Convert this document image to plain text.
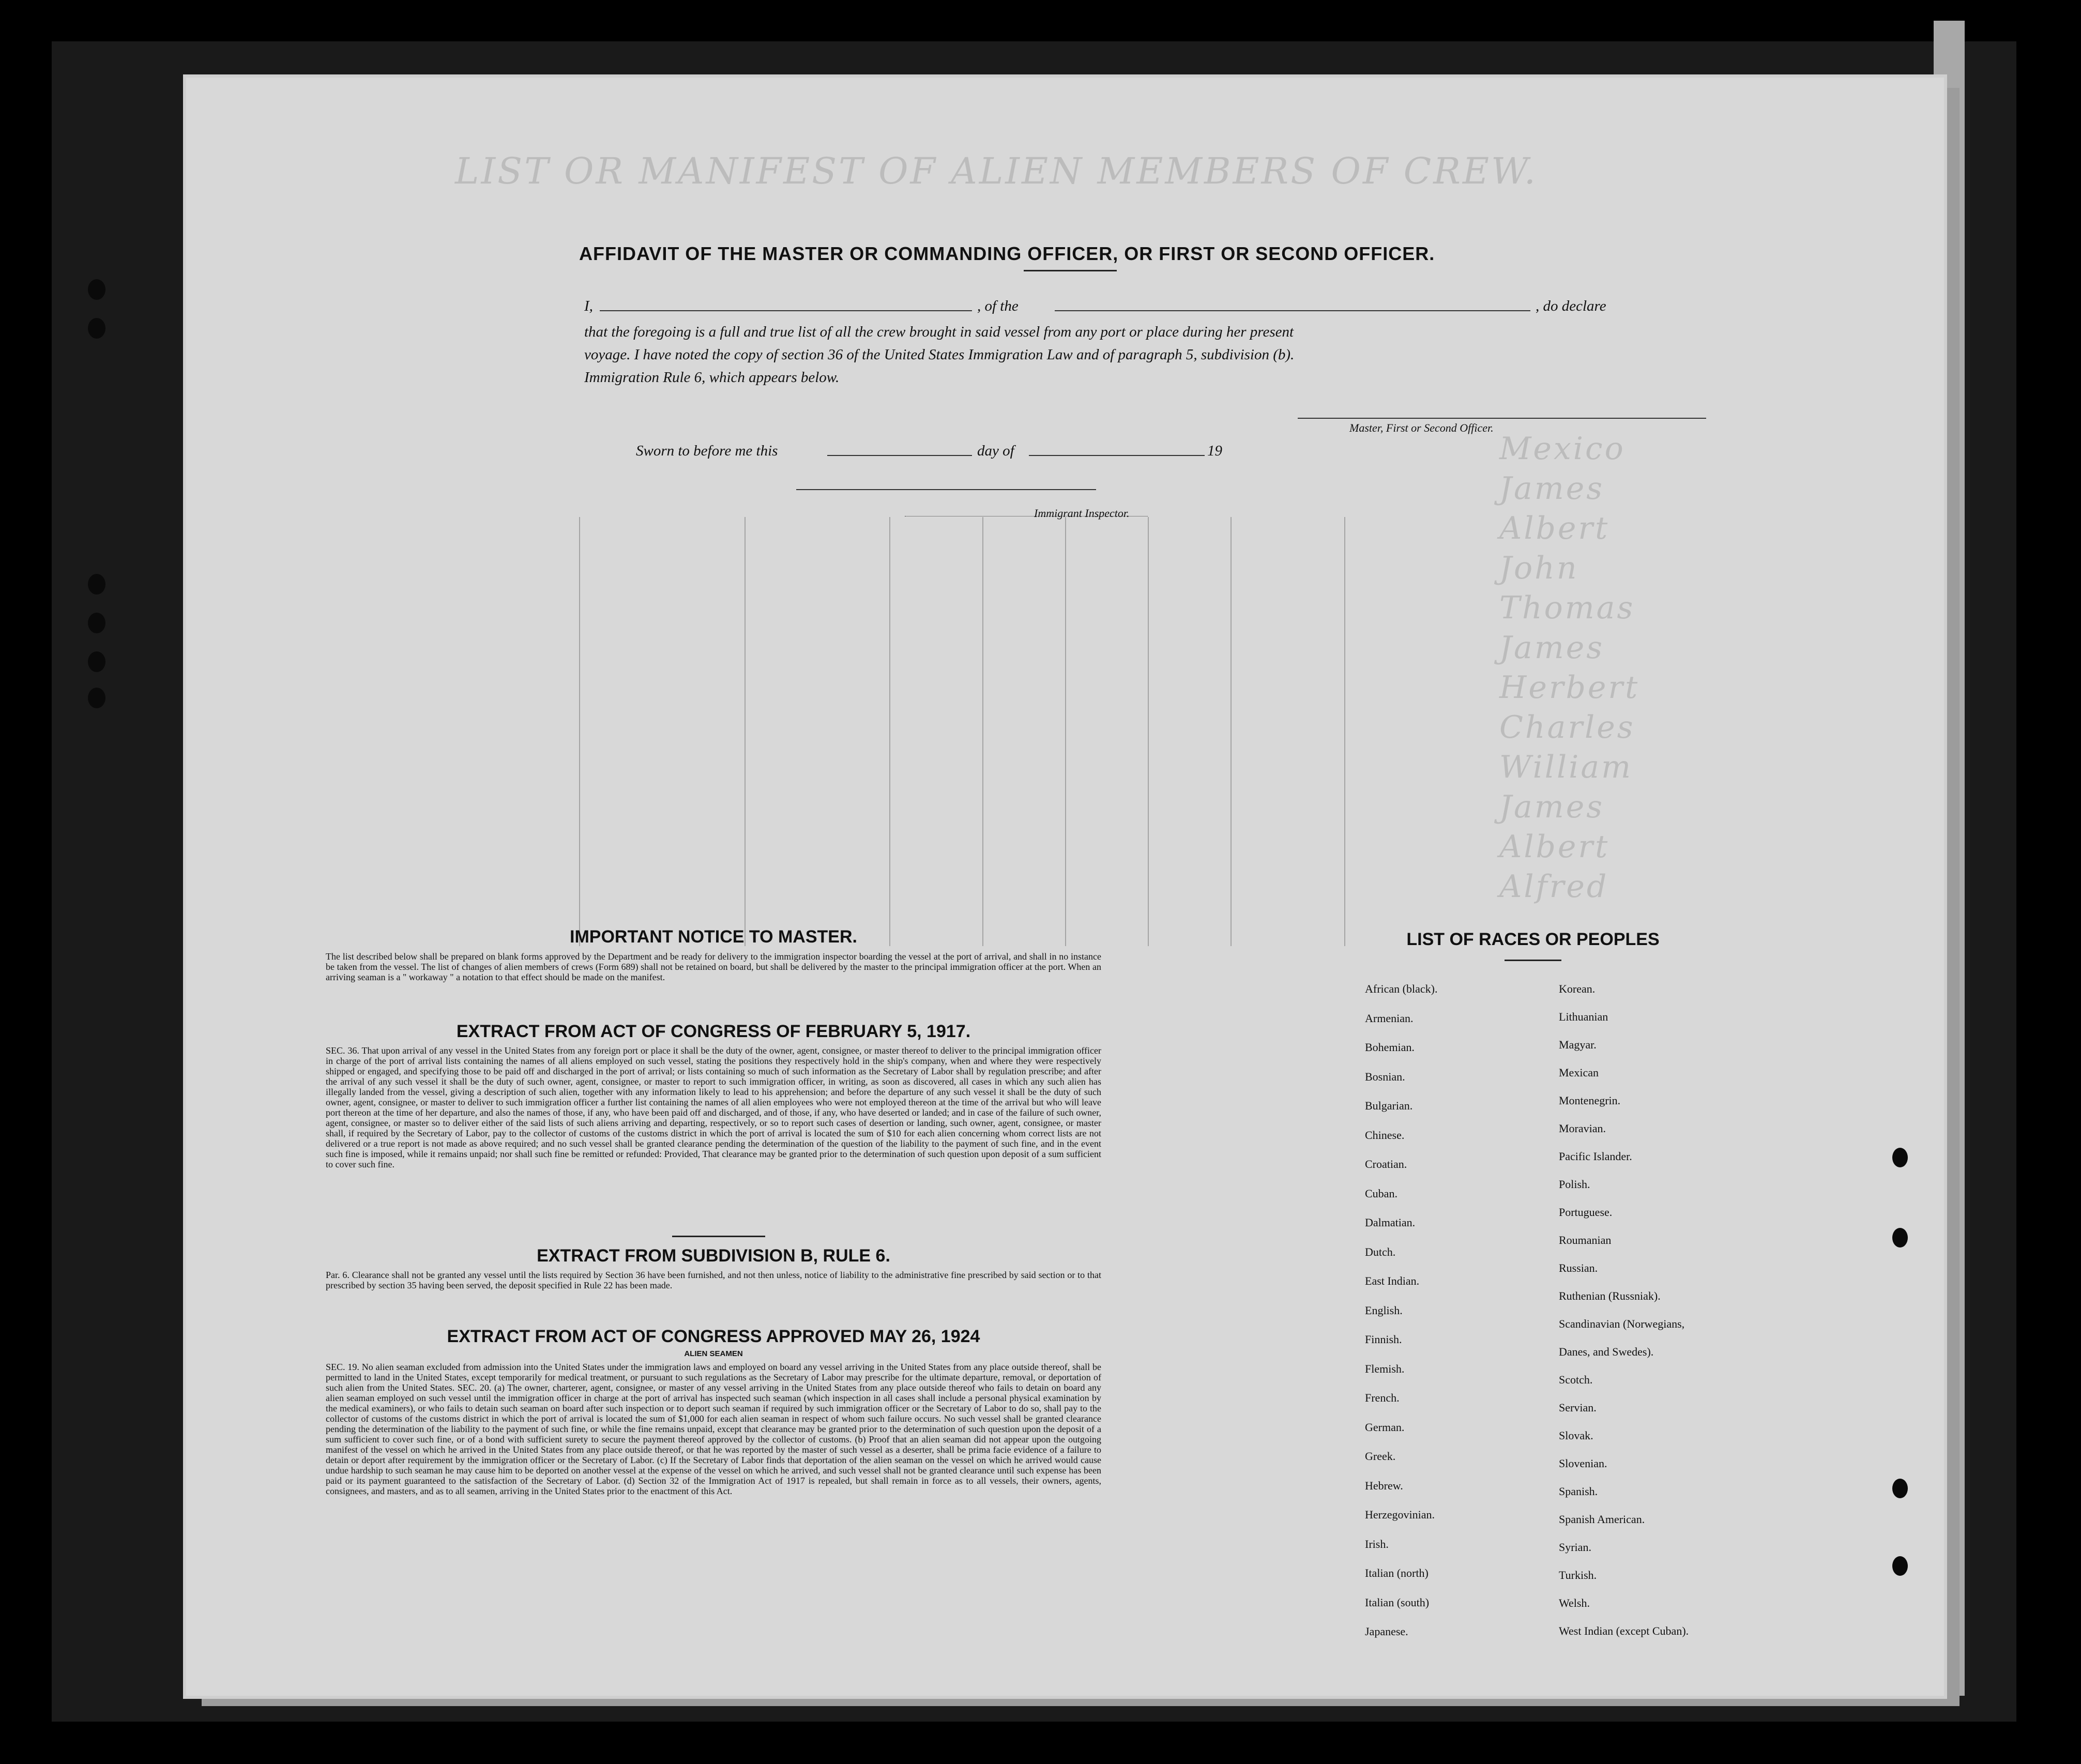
LIST OR MANIFEST OF ALIEN MEMBERS OF CREW.
Mexico
James
Albert
John
Thomas
James
Herbert
Charles
William
James
Albert
Alfred
AFFIDAVIT OF THE MASTER OR COMMANDING OFFICER, OR FIRST OR SECOND OFFICER.
I,	, of the	, do declare
that the foregoing is a full and true list of all the crew brought in said vessel from any port or place during her present
voyage. I have noted the copy of section 36 of the United States Immigration Law and of paragraph 5, subdivision (b).
Immigration Rule 6, which appears below.
Master, First or Second Officer.
Sworn to before me this	day of	19
Immigrant Inspector.
IMPORTANT NOTICE TO MASTER.
The list described below shall be prepared on blank forms approved by the Department and be ready for delivery to the immigration inspector boarding the vessel at the port of arrival, and shall in no instance be taken from the vessel. The list of changes of alien members of crews (Form 689) shall not be retained on board, but shall be delivered by the master to the principal immigration officer at the port. When an arriving seaman is a " workaway " a notation to that effect should be made on the manifest.
EXTRACT FROM ACT OF CONGRESS OF FEBRUARY 5, 1917.
SEC. 36. That upon arrival of any vessel in the United States from any foreign port or place it shall be the duty of the owner, agent, consignee, or master thereof to deliver to the principal immigration officer in charge of the port of arrival lists containing the names of all aliens employed on such vessel, stating the positions they respectively hold in the ship's company, when and where they were respectively shipped or engaged, and specifying those to be paid off and discharged in the port of arrival; or lists containing so much of such information as the Secretary of Labor shall by regulation prescribe; and after the arrival of any such vessel it shall be the duty of such owner, agent, consignee, or master to report to such immigration officer, in writing, as soon as discovered, all cases in which any such alien has illegally landed from the vessel, giving a description of such alien, together with any information likely to lead to his apprehension; and before the departure of any such vessel it shall be the duty of such owner, agent, consignee, or master to deliver to such immigration officer a further list containing the names of all alien employees who were not employed thereon at the time of the arrival but who will leave port thereon at the time of her departure, and also the names of those, if any, who have been paid off and discharged, and of those, if any, who have deserted or landed; and in case of the failure of such owner, agent, consignee, or master so to deliver either of the said lists of such aliens arriving and departing, respectively, or so to report such cases of desertion or landing, such owner, agent, consignee, or master shall, if required by the Secretary of Labor, pay to the collector of customs of the customs district in which the port of arrival is located the sum of $10 for each alien concerning whom correct lists are not delivered or a true report is not made as above required; and no such vessel shall be granted clearance pending the determination of the question of the liability to the payment of such fine, and in the event such fine is imposed, while it remains unpaid; nor shall such fine be remitted or refunded: Provided, That clearance may be granted prior to the determination of such question upon deposit of a sum sufficient to cover such fine.
EXTRACT FROM SUBDIVISION B, RULE 6.
Par. 6. Clearance shall not be granted any vessel until the lists required by Section 36 have been furnished, and not then unless, notice of liability to the administrative fine prescribed by said section or to that prescribed by section 35 having been served, the deposit specified in Rule 22 has been made.
EXTRACT FROM ACT OF CONGRESS APPROVED MAY 26, 1924
ALIEN SEAMEN
SEC. 19. No alien seaman excluded from admission into the United States under the immigration laws and employed on board any vessel arriving in the United States from any place outside thereof, shall be permitted to land in the United States, except temporarily for medical treatment, or pursuant to such regulations as the Secretary of Labor may prescribe for the ultimate departure, removal, or deportation of such alien from the United States. SEC. 20. (a) The owner, charterer, agent, consignee, or master of any vessel arriving in the United States from any place outside thereof who fails to detain on board any alien seaman employed on such vessel until the immigration officer in charge at the port of arrival has inspected such seaman (which inspection in all cases shall include a personal physical examination by the medical examiners), or who fails to detain such seaman on board after such inspection or to deport such seaman if required by such immigration officer or the Secretary of Labor to do so, shall pay to the collector of customs of the customs district in which the port of arrival is located the sum of $1,000 for each alien seaman in respect of whom such failure occurs. No such vessel shall be granted clearance pending the determination of the liability to the payment of such fine, or while the fine remains unpaid, except that clearance may be granted prior to the determination of such question upon the deposit of a sum sufficient to cover such fine, or of a bond with sufficient surety to secure the payment thereof approved by the collector of customs. (b) Proof that an alien seaman did not appear upon the outgoing manifest of the vessel on which he arrived in the United States from any place outside thereof, or that he was reported by the master of such vessel as a deserter, shall be prima facie evidence of a failure to detain or deport after requirement by the immigration officer or the Secretary of Labor. (c) If the Secretary of Labor finds that deportation of the alien seaman on the vessel on which he arrived would cause undue hardship to such seaman he may cause him to be deported on another vessel at the expense of the vessel on which he arrived, and such vessel shall not be granted clearance until such expense has been paid or its payment guaranteed to the satisfaction of the Secretary of Labor. (d) Section 32 of the Immigration Act of 1917 is repealed, but shall remain in force as to all vessels, their owners, agents, consignees, and masters, and as to all seamen, arriving in the United States prior to the enactment of this Act.
LIST OF RACES OR PEOPLES
African (black).
Armenian.
Bohemian.
Bosnian.
Bulgarian.
Chinese.
Croatian.
Cuban.
Dalmatian.
Dutch.
East Indian.
English.
Finnish.
Flemish.
French.
German.
Greek.
Hebrew.
Herzegovinian.
Irish.
Italian (north)
Italian (south)
Japanese.
Korean.
Lithuanian
Magyar.
Mexican
Montenegrin.
Moravian.
Pacific Islander.
Polish.
Portuguese.
Roumanian
Russian.
Ruthenian (Russniak).
Scandinavian (Norwegians,
Danes, and Swedes).
Scotch.
Servian.
Slovak.
Slovenian.
Spanish.
Spanish American.
Syrian.
Turkish.
Welsh.
West Indian (except Cuban).
